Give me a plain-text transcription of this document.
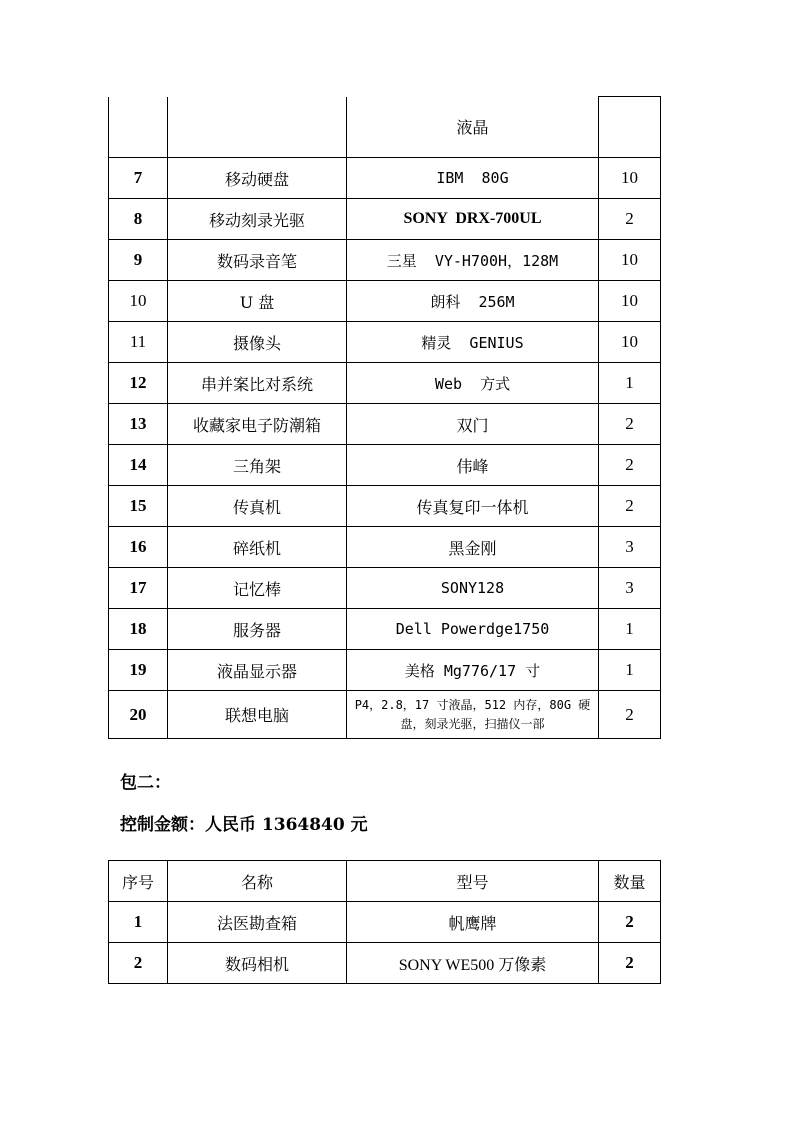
		液晶	
7	移动硬盘	IBM  80G	10
8	移动刻录光驱	SONY  DRX-700UL	2
9	数码录音笔	三星  VY-H700H，128M	10
10	U 盘	朗科  256M	10
11	摄像头	精灵  GENIUS	10
12	串并案比对系统	Web  方式	1
13	收藏家电子防潮箱	双门	2
14	三角架	伟峰	2
15	传真机	传真复印一体机	2
16	碎纸机	黑金刚	3
17	记忆棒	SONY128	3
18	服务器	Dell Powerdge1750	1
19	液晶显示器	美格 Mg776/17 寸	1
20	联想电脑	P4，2.8，17 寸液晶，512 内存，80G 硬盘，刻录光驱，扫描仪一部	2
包二：
控制金额：人民币 1364840 元
序号	名称	型号	数量
1	法医勘查箱	帆鹰牌	2
2	数码相机	SONY WE500 万像素	2
